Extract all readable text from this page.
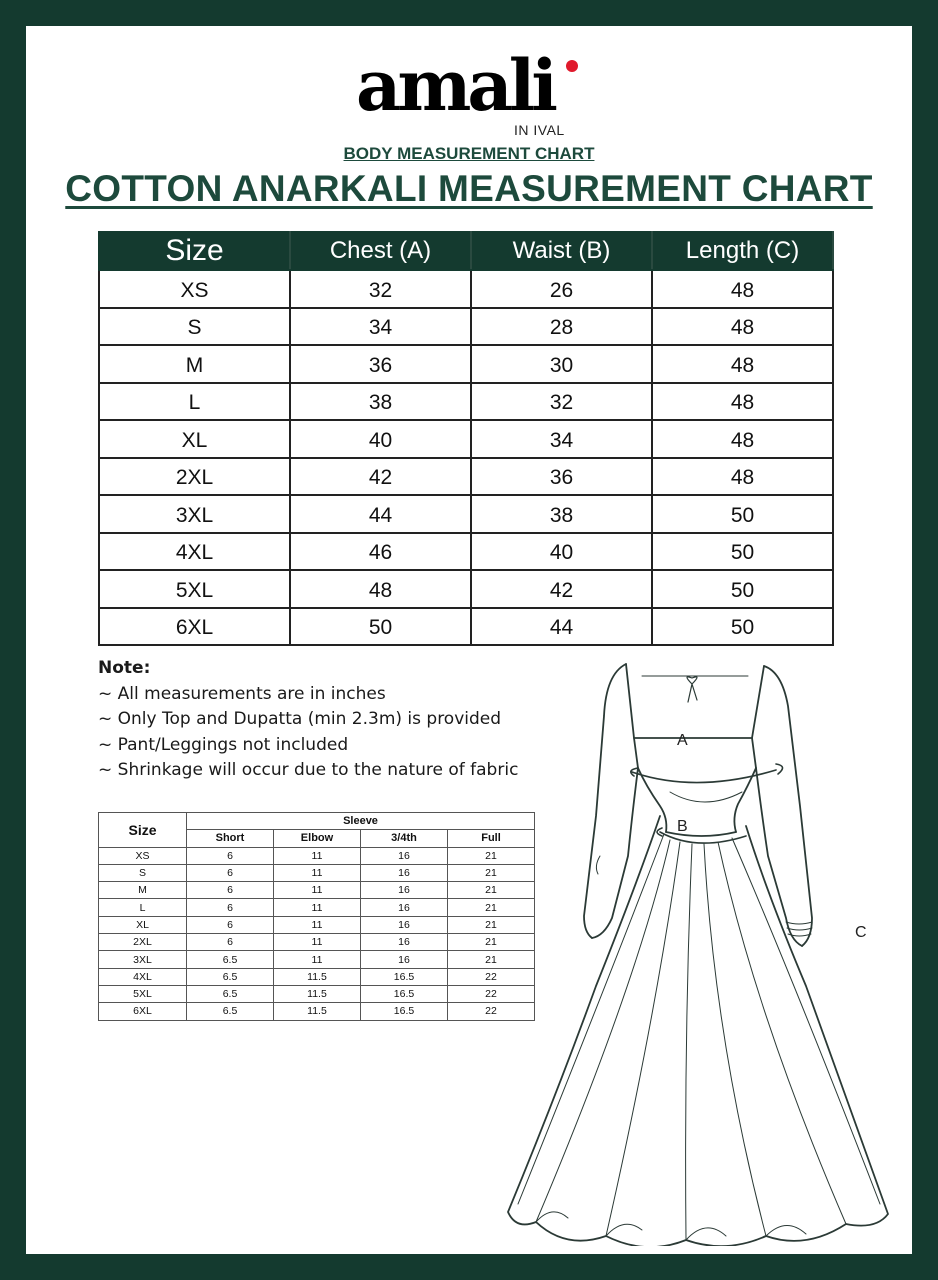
amali
IN IVAL
BODY MEASUREMENT CHART
COTTON ANARKALI MEASUREMENT CHART
Size	Chest (A)	Waist (B)	Length (C)
XS	32	26	48
S	34	28	48
M	36	30	48
L	38	32	48
XL	40	34	48
2XL	42	36	48
3XL	44	38	50
4XL	46	40	50
5XL	48	42	50
6XL	50	44	50
Note:
~ All measurements are in inches
~ Only Top and Dupatta (min 2.3m) is provided
~ Pant/Leggings not included
~ Shrinkage will occur due to the nature of fabric
Size	Sleeve			
	Short	Elbow	3/4th	Full
XS	6	11	16	21
S	6	11	16	21
M	6	11	16	21
L	6	11	16	21
XL	6	11	16	21
2XL	6	11	16	21
3XL	6.5	11	16	21
4XL	6.5	11.5	16.5	22
5XL	6.5	11.5	16.5	22
6XL	6.5	11.5	16.5	22
A
B
C
